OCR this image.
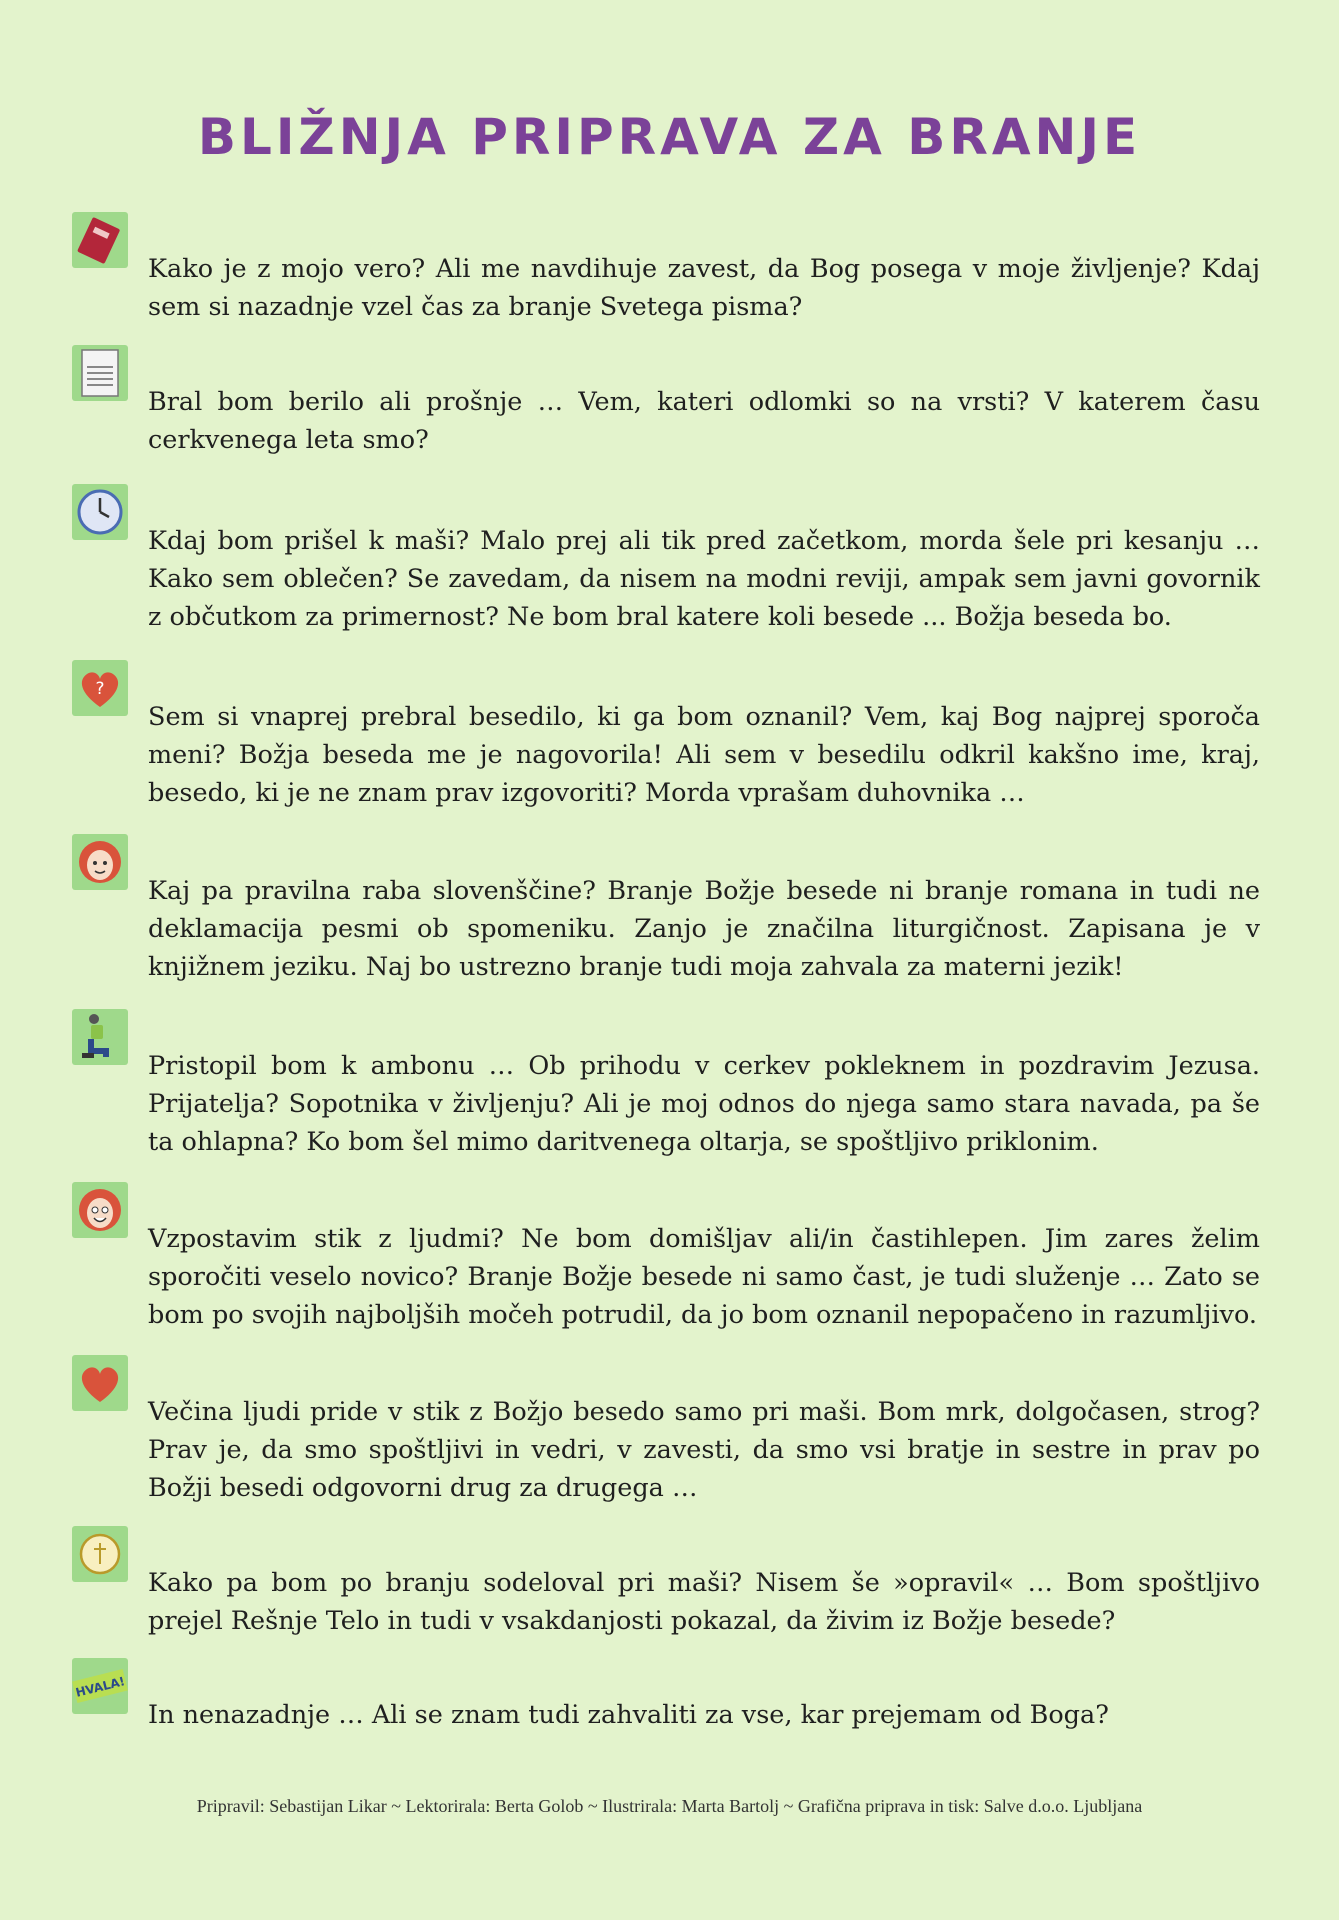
BLIŽNJA PRIPRAVA ZA BRANJE

Kako je z mojo vero? Ali me navdihuje zavest, da Bog posega v moje življenje? Kdaj sem si nazadnje vzel čas za branje Svetega pisma?

Bral bom berilo ali prošnje … Vem, kateri odlomki so na vrsti? V katerem času cerkvenega leta smo?

Kdaj bom prišel k maši? Malo prej ali tik pred začetkom, morda šele pri kesanju … Kako sem oblečen? Se zavedam, da nisem na modni reviji, ampak sem javni govornik z občutkom za primernost? Ne bom bral katere koli besede ... Božja beseda bo.

?

Sem si vnaprej prebral besedilo, ki ga bom oznanil? Vem, kaj Bog najprej sporoča meni? Božja beseda me je nagovorila! Ali sem v besedilu odkril kakšno ime, kraj, besedo, ki je ne znam prav izgovoriti? Morda vprašam duhovnika …

Kaj pa pravilna raba slovenščine? Branje Božje besede ni branje romana in tudi ne deklamacija pesmi ob spomeniku. Zanjo je značilna liturgičnost. Zapisana je v knjižnem jeziku. Naj bo ustrezno branje tudi moja zahvala za materni jezik!

Pristopil bom k ambonu … Ob prihodu v cerkev pokleknem in pozdravim Jezusa. Prijatelja? Sopotnika v življenju? Ali je moj odnos do njega samo stara navada, pa še ta ohlapna? Ko bom šel mimo daritvenega oltarja, se spoštljivo priklonim.

Vzpostavim stik z ljudmi? Ne bom domišljav ali/in častihlepen. Jim zares želim sporočiti veselo novico? Branje Božje besede ni samo čast, je tudi služenje … Zato se bom po svojih najboljših močeh potrudil, da jo bom oznanil nepopačeno in razumljivo.

Večina ljudi pride v stik z Božjo besedo samo pri maši. Bom mrk, dolgočasen, strog? Prav je, da smo spoštljivi in vedri, v zavesti, da smo vsi bratje in sestre in prav po Božji besedi odgovorni drug za drugega …

Kako pa bom po branju sodeloval pri maši? Nisem še »opravil« … Bom spoštljivo prejel Rešnje Telo in tudi v vsakdanjosti pokazal, da živim iz Božje besede?

HVALA!

In nenazadnje … Ali se znam tudi zahvaliti za vse, kar prejemam od Boga?

Pripravil: Sebastijan Likar ~ Lektorirala: Berta Golob ~ Ilustrirala: Marta Bartolj ~ Grafična priprava in tisk: Salve d.o.o. Ljubljana
